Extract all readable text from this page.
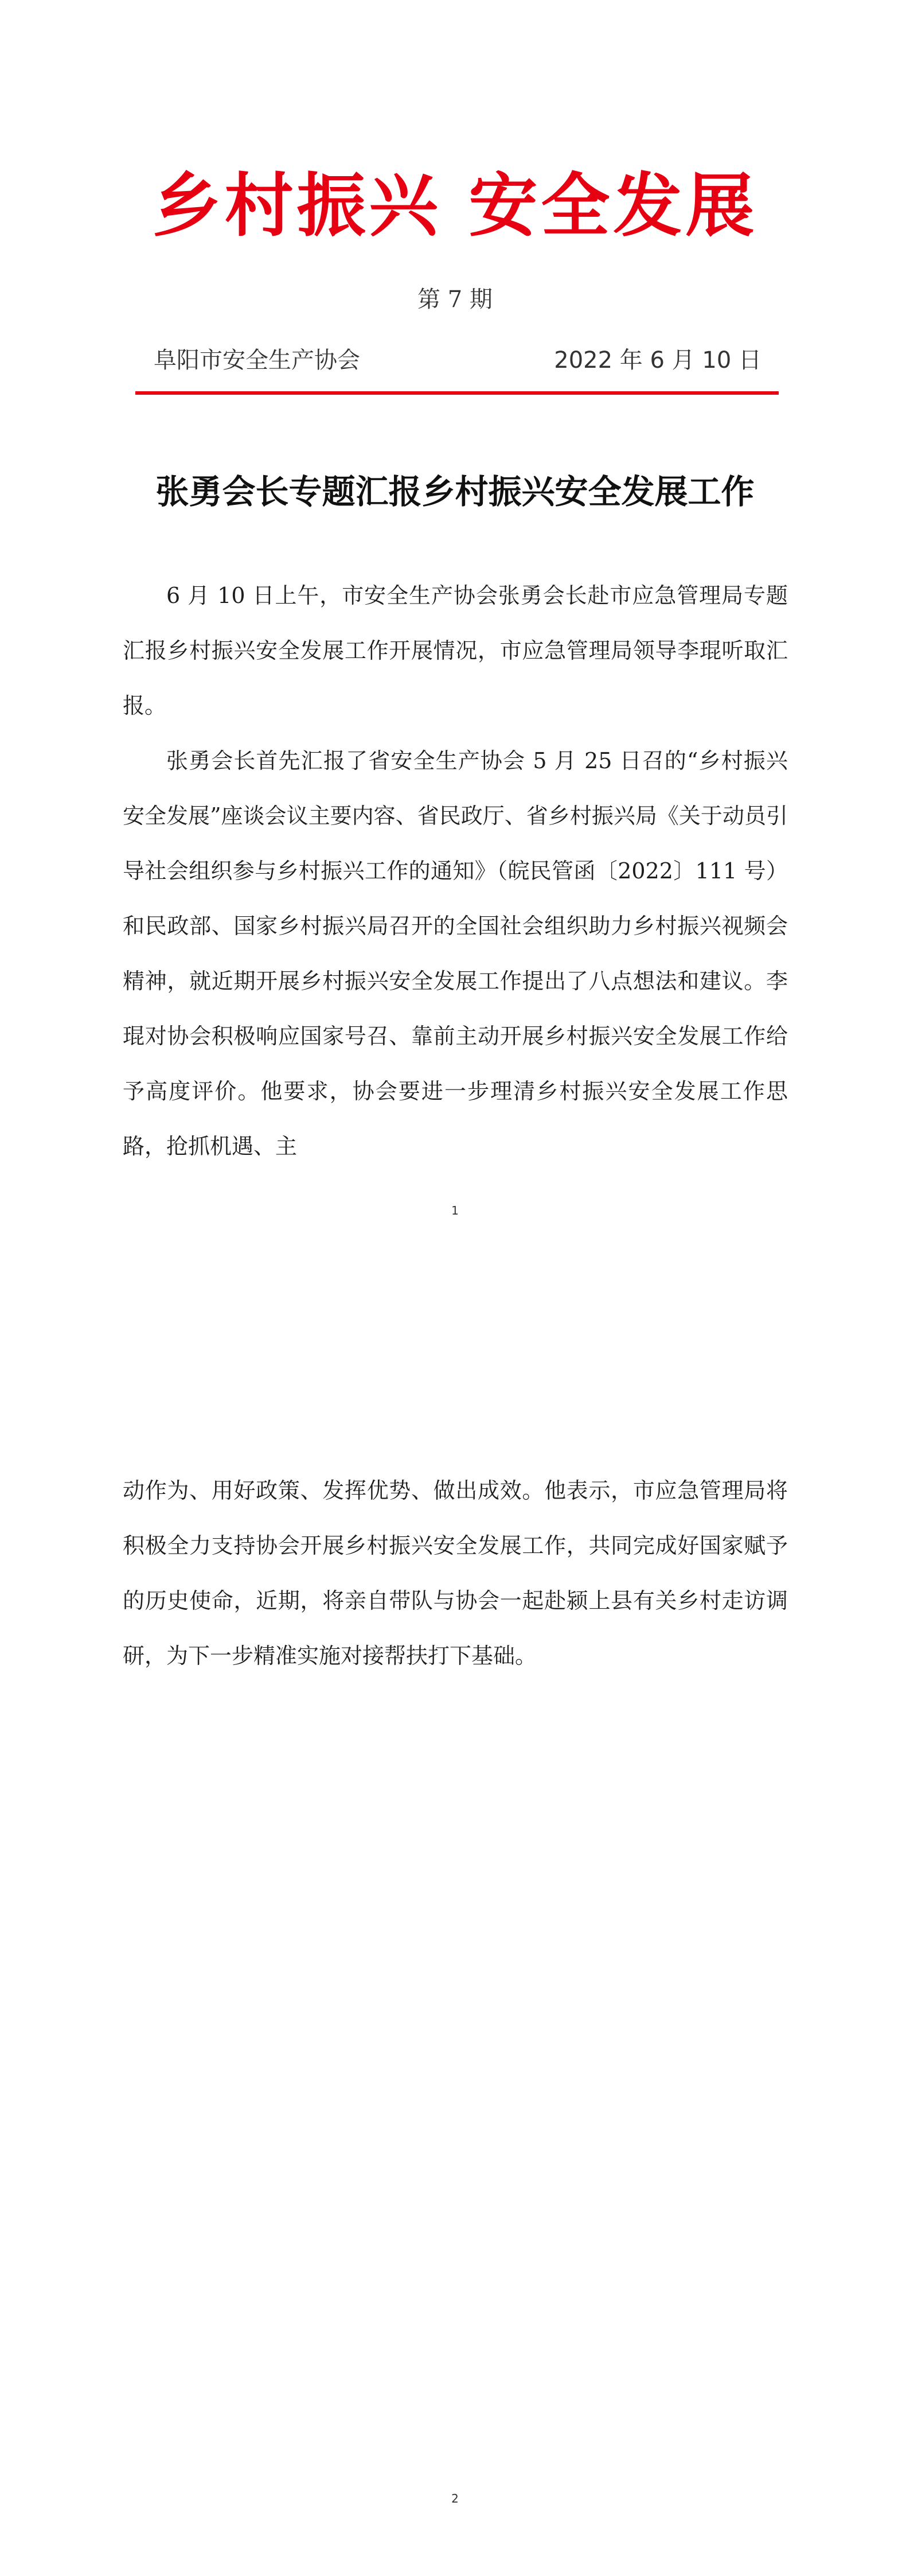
乡村振兴 安全发展
第 7 期
阜阳市安全生产协会	2022 年 6 月 10 日
张勇会长专题汇报乡村振兴安全发展工作

6 月 10 日上午，市安全生产协会张勇会长赴市应急管理局专题汇报乡村振兴安全发展工作开展情况，市应急管理局领导李琨听取汇报。

张勇会长首先汇报了省安全生产协会 5 月 25 日召的“乡村振兴 安全发展”座谈会议主要内容、省民政厅、省乡村振兴局《关于动员引导社会组织参与乡村振兴工作的通知》（皖民管函〔2022〕111 号）和民政部、国家乡村振兴局召开的全国社会组织助力乡村振兴视频会精神，就近期开展乡村振兴安全发展工作提出了八点想法和建议。李琨对协会积极响应国家号召、靠前主动开展乡村振兴安全发展工作给予高度评价。他要求，协会要进一步理清乡村振兴安全发展工作思路，抢抓机遇、主

1

动作为、用好政策、发挥优势、做出成效。他表示，市应急管理局将积极全力支持协会开展乡村振兴安全发展工作，共同完成好国家赋予的历史使命，近期，将亲自带队与协会一起赴颍上县有关乡村走访调研，为下一步精准实施对接帮扶打下基础。

2
